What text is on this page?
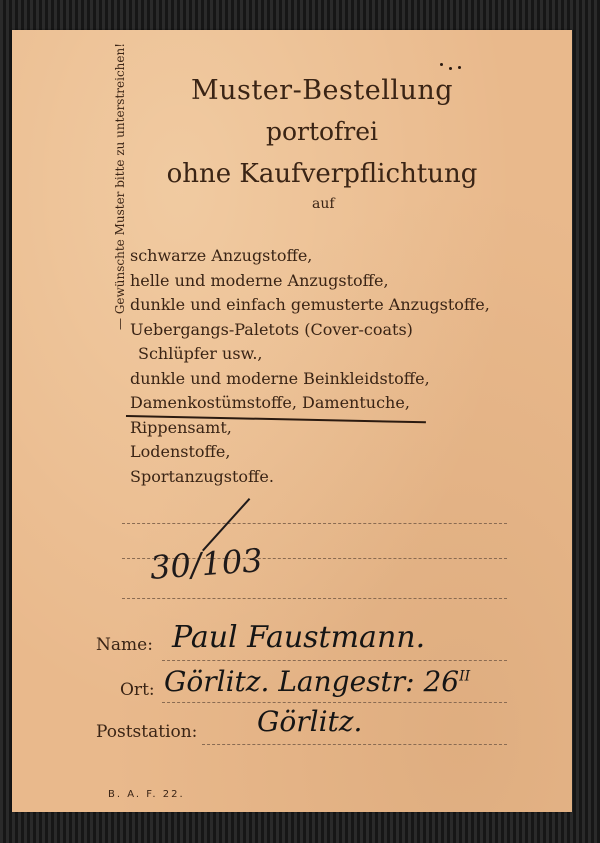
Muster-Bestellung
portofrei
ohne Kaufverpflichtung
auf
— Gewünschte Muster bitte zu unterstreichen! schwarze Anzugstoffe,
helle und moderne Anzugstoffe,
dunkle und einfach gemusterte Anzugstoffe,
Uebergangs-Paletots (Cover-coats)
Schlüpfer usw.,
dunkle und moderne Beinkleidstoffe,
Damenkostümstoffe, Damentuche,
Rippensamt,
Lodenstoffe,
Sportanzugstoffe.
30/103
Name: Paul Faustmann.
Ort: Görlitz. Langestr: $26^{II}$
Poststation: Görlitz.
B. A. F. 22.
